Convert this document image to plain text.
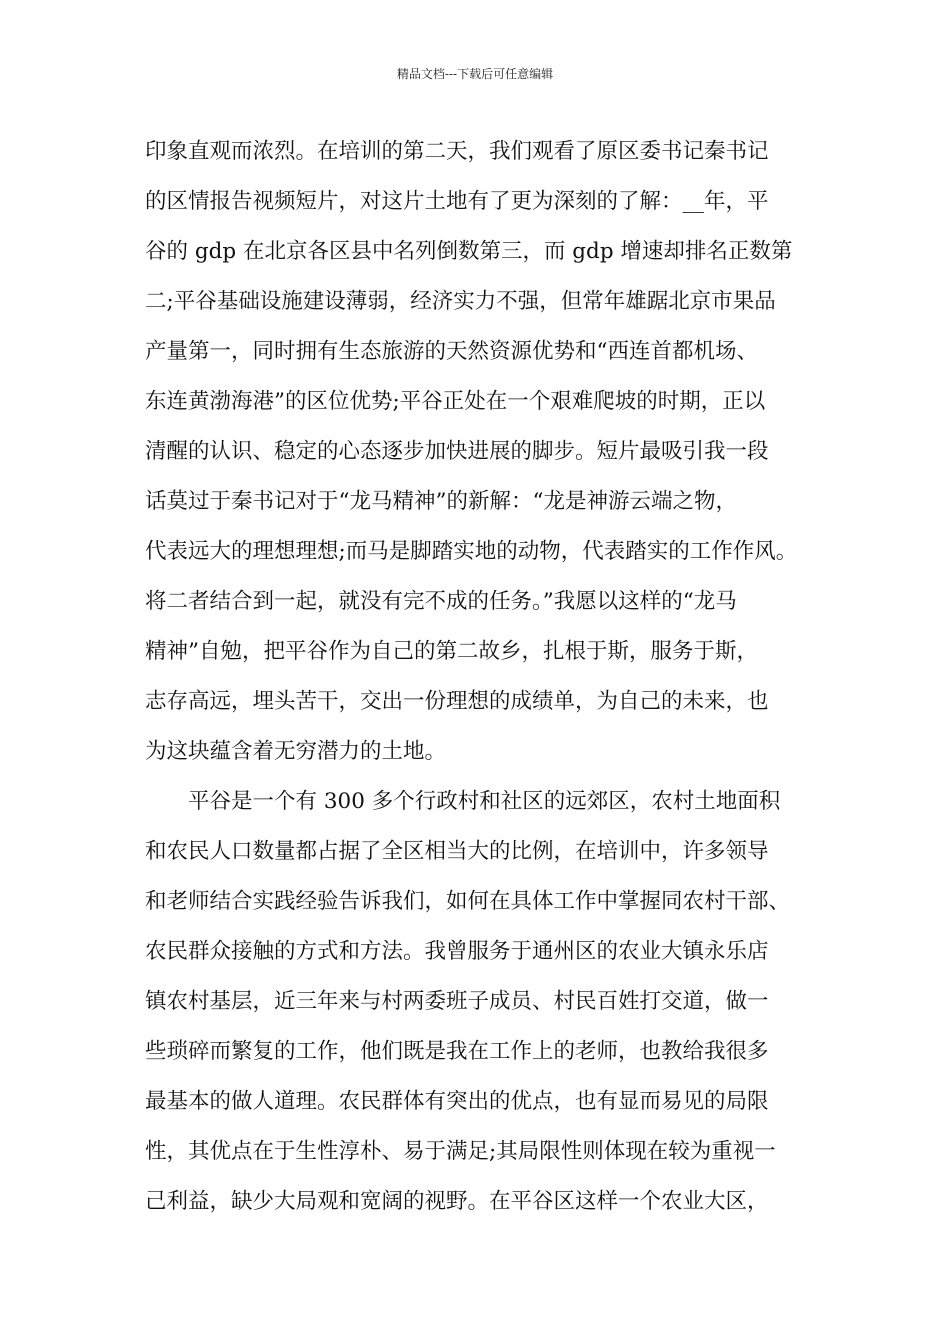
精品文档---下载后可任意编辑
印象直观而浓烈。在培训的第二天，我们观看了原区委书记秦书记
的区情报告视频短片，对这片土地有了更为深刻的了解：__年，平
谷的 gdp 在北京各区县中名列倒数第三，而 gdp 增速却排名正数第
二;平谷基础设施建设薄弱，经济实力不强，但常年雄踞北京市果品
产量第一，同时拥有生态旅游的天然资源优势和“西连首都机场、
东连黄渤海港”的区位优势;平谷正处在一个艰难爬坡的时期，正以
清醒的认识、稳定的心态逐步加快进展的脚步。短片最吸引我一段
话莫过于秦书记对于“龙马精神”的新解：“龙是神游云端之物，
代表远大的理想理想;而马是脚踏实地的动物，代表踏实的工作作风。
将二者结合到一起，就没有完不成的任务。”我愿以这样的“龙马
精神”自勉，把平谷作为自己的第二故乡，扎根于斯，服务于斯，
志存高远，埋头苦干，交出一份理想的成绩单，为自己的未来，也
为这块蕴含着无穷潜力的土地。
平谷是一个有 300 多个行政村和社区的远郊区，农村土地面积
和农民人口数量都占据了全区相当大的比例，在培训中，许多领导
和老师结合实践经验告诉我们，如何在具体工作中掌握同农村干部、
农民群众接触的方式和方法。我曾服务于通州区的农业大镇永乐店
镇农村基层，近三年来与村两委班子成员、村民百姓打交道，做一
些琐碎而繁复的工作，他们既是我在工作上的老师，也教给我很多
最基本的做人道理。农民群体有突出的优点，也有显而易见的局限
性，其优点在于生性淳朴、易于满足;其局限性则体现在较为重视一
己利益，缺少大局观和宽阔的视野。在平谷区这样一个农业大区，
